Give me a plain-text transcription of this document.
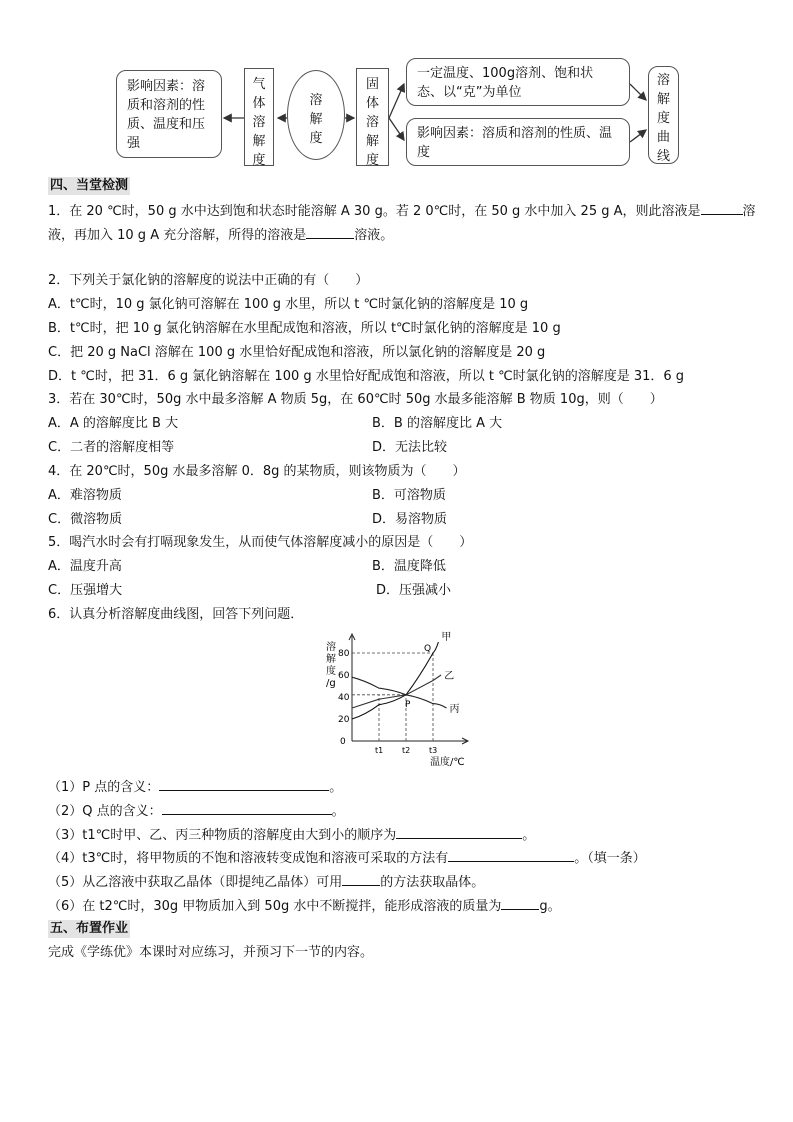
影响因素：溶质和溶剂的性质、温度和压强
气体溶解度
溶解度
固体溶解度
一定温度、100g溶剂、饱和状态、以“克”为单位
影响因素：溶质和溶剂的性质、温度
溶解度曲线
四、当堂检测
1．在 20 ℃时，50 g 水中达到饱和状态时能溶解 A 30 g。若 2 0℃时，在 50 g 水中加入 25 g A，则此溶液是	溶
液，再加入 10 g A 充分溶解，所得的溶液是	溶液。
2．下列关于氯化钠的溶解度的说法中正确的有（　　）
A．t℃时，10 g 氯化钠可溶解在 100 g 水里，所以 t ℃时氯化钠的溶解度是 10 g
B．t℃时，把 10 g 氯化钠溶解在水里配成饱和溶液，所以 t℃时氯化钠的溶解度是 10 g
C．把 20 g NaCl 溶解在 100 g 水里恰好配成饱和溶液，所以氯化钠的溶解度是 20 g
D．t ℃时，把 31．6 g 氯化钠溶解在 100 g 水里恰好配成饱和溶液，所以 t ℃时氯化钠的溶解度是 31．6 g
3．若在 30℃时，50g 水中最多溶解 A 物质 5g，在 60℃时 50g 水最多能溶解 B 物质 10g，则（　　）
A．A 的溶解度比 B 大	B．B 的溶解度比 A 大
C．二者的溶解度相等	D．无法比较
4．在 20℃时，50g 水最多溶解 0．8g 的某物质，则该物质为（　　）
A．难溶物质	B．可溶物质
C．微溶物质	D．易溶物质
5．喝汽水时会有打嗝现象发生，从而使气体溶解度减小的原因是（　　）
A．温度升高	B．温度降低
C．压强增大	D．压强减小
6．认真分析溶解度曲线图，回答下列问题．
溶
解
度
/g
0
80
60
40
20
t1 t2 t3
甲
乙
丙
P
Q
温度/℃
（1）P 点的含义：	。
（2）Q 点的含义：	。
（3）t1℃时甲、乙、丙三种物质的溶解度由大到小的顺序为	。
（4）t3℃时，将甲物质的不饱和溶液转变成饱和溶液可采取的方法有	。（填一条）
（5）从乙溶液中获取乙晶体（即提纯乙晶体）可用	的方法获取晶体。
（6）在 t2℃时，30g 甲物质加入到 50g 水中不断搅拌，能形成溶液的质量为	g。
五、布置作业
完成《学练优》本课时对应练习，并预习下一节的内容。
